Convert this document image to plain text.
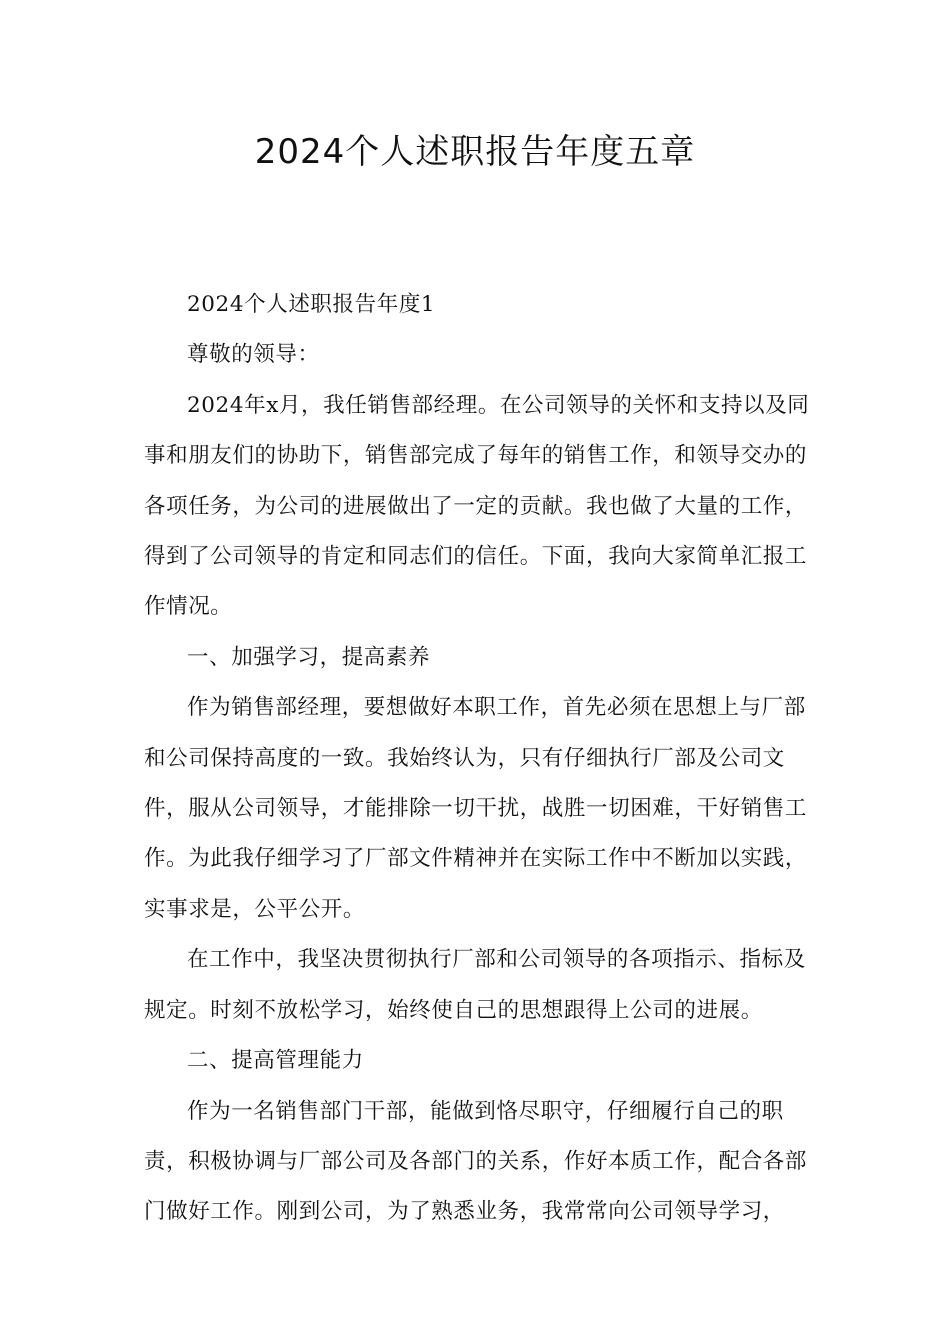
2024个人述职报告年度五章

2024个人述职报告年度1

尊敬的领导：

2024年x月，我任销售部经理。在公司领导的关怀和支持以及同事和朋友们的协助下，销售部完成了每年的销售工作，和领导交办的各项任务，为公司的进展做出了一定的贡献。我也做了大量的工作，得到了公司领导的肯定和同志们的信任。下面，我向大家简单汇报工作情况。

一、加强学习，提高素养

作为销售部经理，要想做好本职工作，首先必须在思想上与厂部和公司保持高度的一致。我始终认为，只有仔细执行厂部及公司文件，服从公司领导，才能排除一切干扰，战胜一切困难，干好销售工作。为此我仔细学习了厂部文件精神并在实际工作中不断加以实践，实事求是，公平公开。

在工作中，我坚决贯彻执行厂部和公司领导的各项指示、指标及规定。时刻不放松学习，始终使自己的思想跟得上公司的进展。

二、提高管理能力

作为一名销售部门干部，能做到恪尽职守，仔细履行自己的职责，积极协调与厂部公司及各部门的关系，作好本质工作，配合各部门做好工作。刚到公司，为了熟悉业务，我常常向公司领导学习，
